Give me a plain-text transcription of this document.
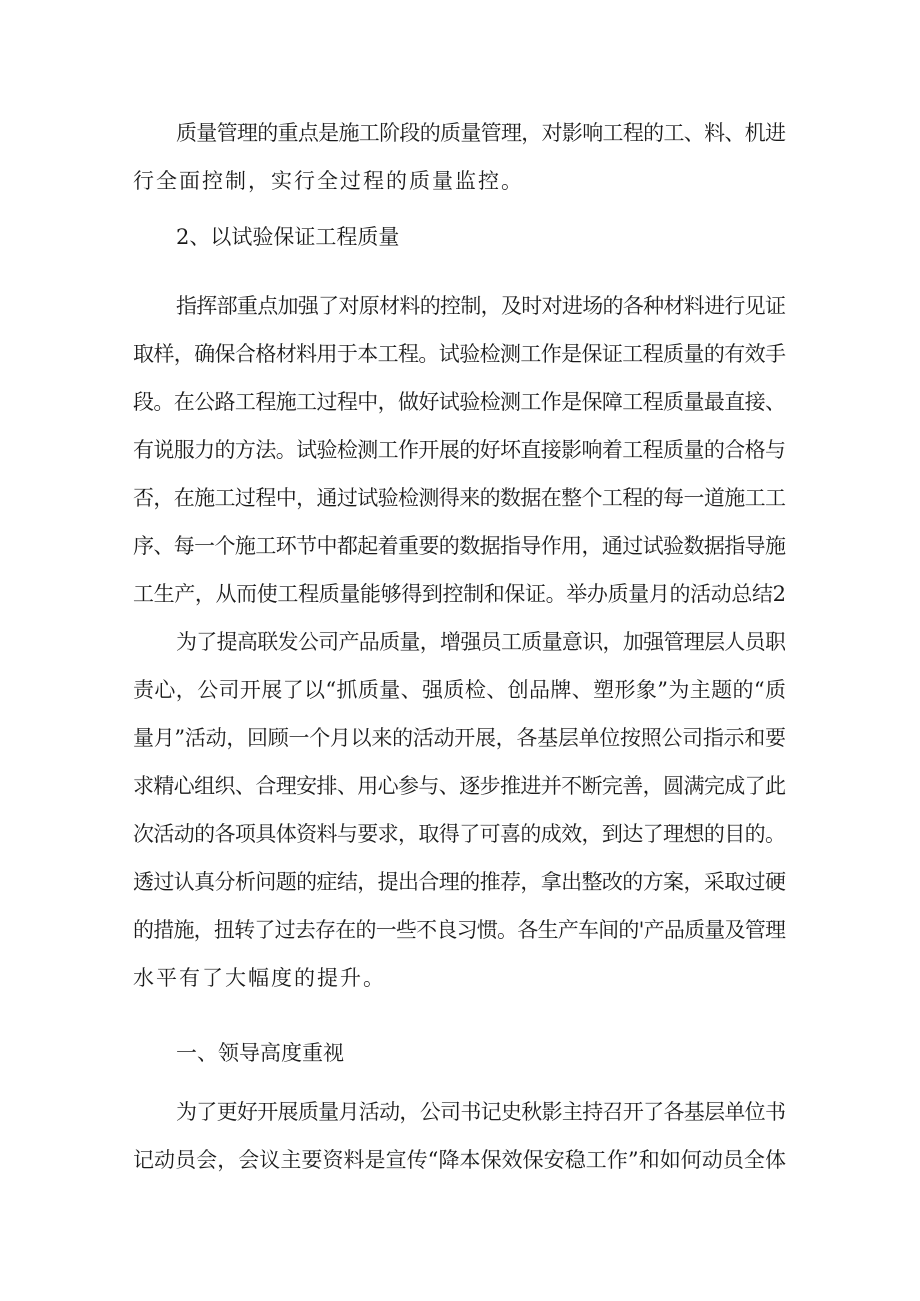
质量管理的重点是施工阶段的质量管理，对影响工程的工、料、机进
行全面控制，实行全过程的质量监控。
2、以试验保证工程质量
指挥部重点加强了对原材料的控制，及时对进场的各种材料进行见证
取样，确保合格材料用于本工程。试验检测工作是保证工程质量的有效手
段。在公路工程施工过程中，做好试验检测工作是保障工程质量最直接、
有说服力的方法。试验检测工作开展的好坏直接影响着工程质量的合格与
否，在施工过程中，通过试验检测得来的数据在整个工程的每一道施工工
序、每一个施工环节中都起着重要的数据指导作用，通过试验数据指导施
工生产，从而使工程质量能够得到控制和保证。举办质量月的活动总结2
为了提高联发公司产品质量，增强员工质量意识，加强管理层人员职
责心，公司开展了以“抓质量、强质检、创品牌、塑形象”为主题的“质
量月”活动，回顾一个月以来的活动开展，各基层单位按照公司指示和要
求精心组织、合理安排、用心参与、逐步推进并不断完善，圆满完成了此
次活动的各项具体资料与要求，取得了可喜的成效，到达了理想的目的。
透过认真分析问题的症结，提出合理的推荐，拿出整改的方案，采取过硬
的措施，扭转了过去存在的一些不良习惯。各生产车间的'产品质量及管理
水平有了大幅度的提升。
一、领导高度重视
为了更好开展质量月活动，公司书记史秋影主持召开了各基层单位书
记动员会，会议主要资料是宣传“降本保效保安稳工作”和如何动员全体
